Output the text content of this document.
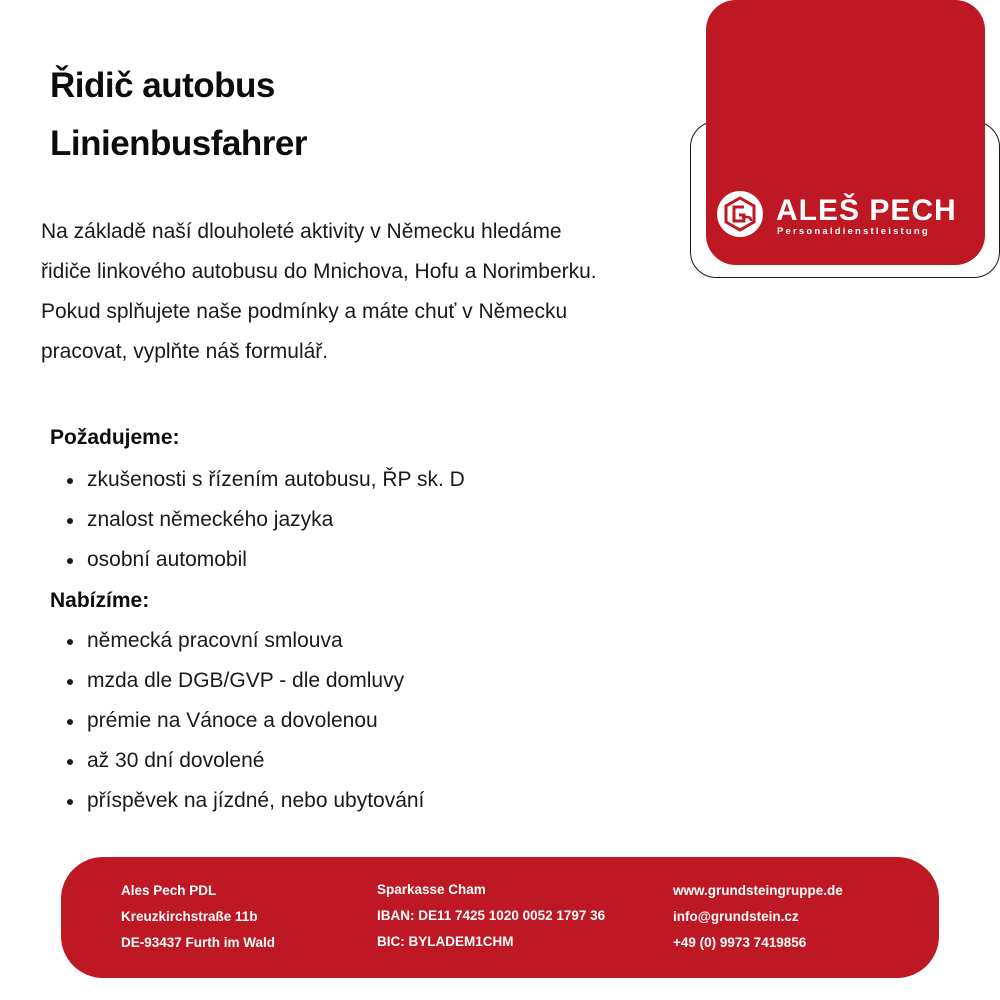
Řidič autobus
Linienbusfahrer
Na základě naší dlouholeté aktivity v Německu hledáme
řidiče linkového autobusu do Mnichova, Hofu a Norimberku.
Pokud splňujete naše podmínky a máte chuť v Německu
pracovat, vyplňte náš formulář.
Požadujeme:
zkušenosti s řízením autobusu, ŘP sk. D
znalost německého jazyka
osobní automobil
Nabízíme:
německá pracovní smlouva
mzda dle DGB/GVP - dle domluvy
prémie na Vánoce a dovolenou
až 30 dní dovolené
příspěvek na jízdné, nebo ubytování
ALEŠ PECH
Personaldienstleistung
Ales Pech PDL
Kreuzkirchstraße 11b
DE-93437 Furth im Wald
Sparkasse Cham
IBAN: DE11 7425 1020 0052 1797 36
BIC: BYLADEM1CHM
www.grundsteingruppe.de
info@grundstein.cz
+49 (0) 9973 7419856
